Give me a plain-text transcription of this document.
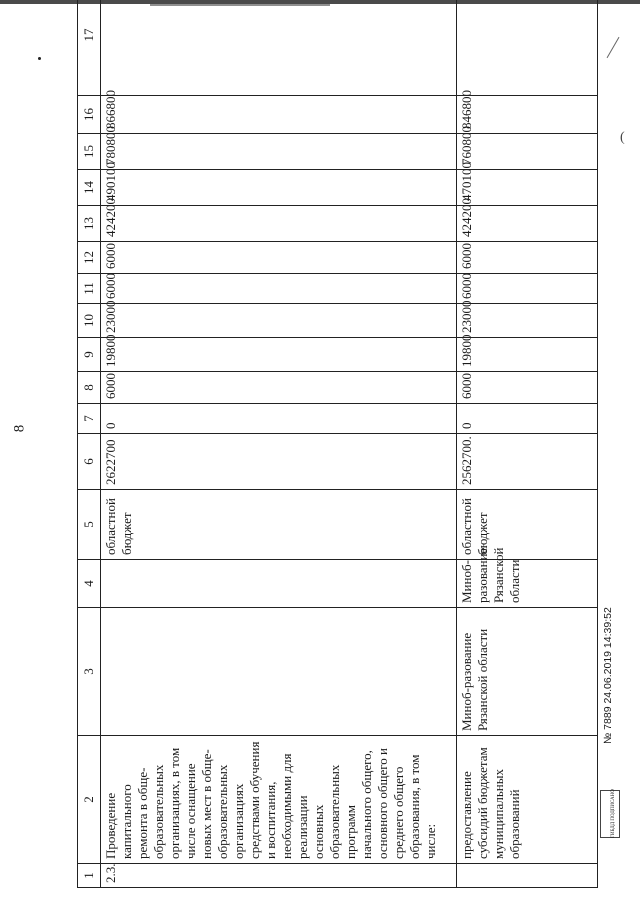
(
8
1	2	3	4	5	6	7	8	9	10	11	12	13	14	15	16	17
2.3.	Проведение капитального ремонта в обще-образовательных организациях, в том числе оснащение новых мест в обще-образовательных организациях средствами обучения и воспитания, необходимыми для реализации основных образовательных программ начального общего, основного общего и среднего общего образования, в том числе:			областной бюджет	2622700	0	6000	19800	23000	6000	6000	424200	490100	780800	866800	
	предоставление субсидий бюджетам муниципальных образований	Миноб-разование Рязанской области	Миноб-разование Рязанской области	областной бюджет	2562700.	0	6000	19800	23000	6000	6000	424200	470100	760800	846800	
№ 7889 24.06.2019 14:39:52
ГИБДД ПОДПИСАНО
